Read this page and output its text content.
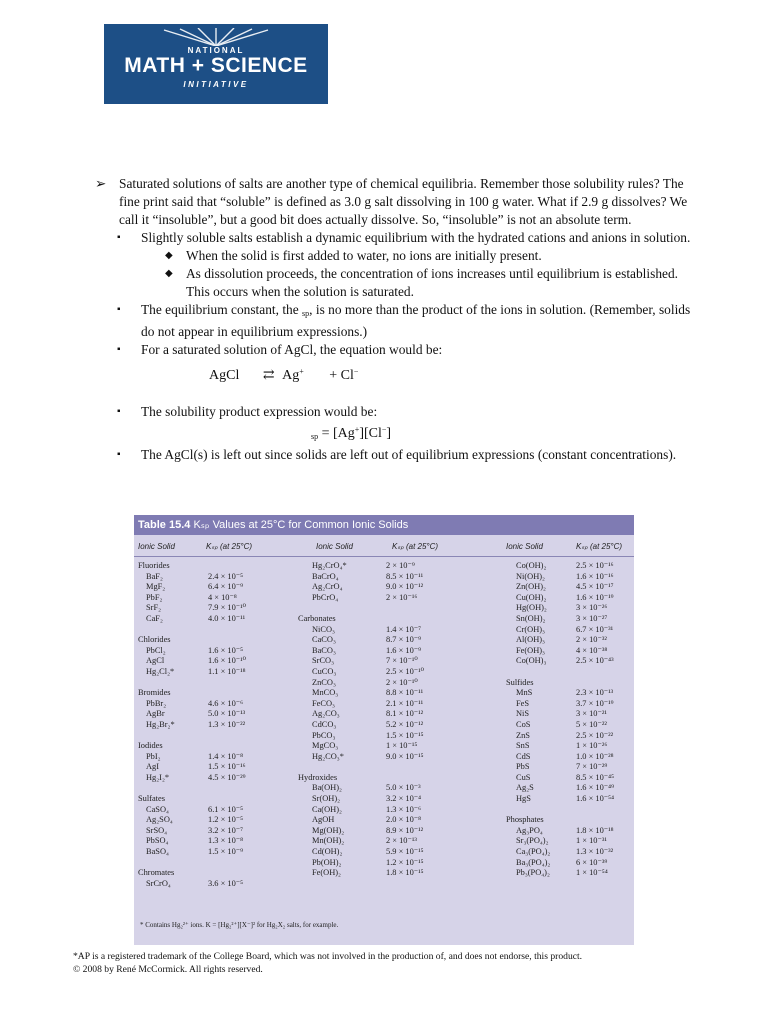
NATIONAL
MATH + SCIENCE
INITIATIVE
➢ Saturated solutions of salts are another type of chemical equilibria. Remember those solubility rules? The fine print said that “soluble” is defined as 3.0 g salt dissolving in 100 g water. What if 2.9 g dissolves? We call it “insoluble”, but a good bit does actually dissolve. So, “insoluble” is not an absolute term.
▪ Slightly soluble salts establish a dynamic equilibrium with the hydrated cations and anions in solution.
◆ When the solid is first added to water, no ions are initially present.
◆ As dissolution proceeds, the concentration of ions increases until equilibrium is established. This occurs when the solution is saturated.
▪ The equilibrium constant, the $_{sp}$, is no more than the product of the ions in solution. (Remember, solids do not appear in equilibrium expressions.)
▪ For a saturated solution of AgCl, the equation would be:
AgCl ⇄ Ag+ + Cl−
▪ The solubility product expression would be:
$_{sp}$ = [Ag+][Cl−]
▪ The AgCl(s) is left out since solids are left out of equilibrium expressions (constant concentrations).
Table 15.4 Kₛₚ Values at 25°C for Common Ionic Solids
Ionic Solid	Kₛₚ (at 25°C)	Ionic Solid	Kₛₚ (at 25°C)	Ionic Solid	Kₛₚ (at 25°C)
Fluorides
BaF₂	2.4 × 10⁻⁵
MgF₂	6.4 × 10⁻⁹
PbF₂	4 × 10⁻⁸
SrF₂	7.9 × 10⁻¹⁰
CaF₂	4.0 × 10⁻¹¹
Chlorides
PbCl₂	1.6 × 10⁻⁵
AgCl	1.6 × 10⁻¹⁰
Hg₂Cl₂*	1.1 × 10⁻¹⁸
Bromides
PbBr₂	4.6 × 10⁻⁶
AgBr	5.0 × 10⁻¹³
Hg₂Br₂*	1.3 × 10⁻²²
Iodides
PbI₂	1.4 × 10⁻⁸
AgI	1.5 × 10⁻¹⁶
Hg₂I₂*	4.5 × 10⁻²⁹
Sulfates
CaSO₄	6.1 × 10⁻⁵
Ag₂SO₄	1.2 × 10⁻⁵
SrSO₄	3.2 × 10⁻⁷
PbSO₄	1.3 × 10⁻⁸
BaSO₄	1.5 × 10⁻⁹
Chromates
SrCrO₄	3.6 × 10⁻⁵
Hg₂CrO₄*	2 × 10⁻⁹
BaCrO₄	8.5 × 10⁻¹¹
Ag₂CrO₄	9.0 × 10⁻¹²
PbCrO₄	2 × 10⁻¹⁶
Carbonates
NiCO₃	1.4 × 10⁻⁷
CaCO₃	8.7 × 10⁻⁹
BaCO₃	1.6 × 10⁻⁹
SrCO₃	7 × 10⁻¹⁰
CuCO₃	2.5 × 10⁻¹⁰
ZnCO₃	2 × 10⁻¹⁰
MnCO₃	8.8 × 10⁻¹¹
FeCO₃	2.1 × 10⁻¹¹
Ag₂CO₃	8.1 × 10⁻¹²
CdCO₃	5.2 × 10⁻¹²
PbCO₃	1.5 × 10⁻¹⁵
MgCO₃	1 × 10⁻¹⁵
Hg₂CO₃*	9.0 × 10⁻¹⁵
Hydroxides
Ba(OH)₂	5.0 × 10⁻³
Sr(OH)₂	3.2 × 10⁻⁴
Ca(OH)₂	1.3 × 10⁻⁶
AgOH	2.0 × 10⁻⁸
Mg(OH)₂	8.9 × 10⁻¹²
Mn(OH)₂	2 × 10⁻¹³
Cd(OH)₂	5.9 × 10⁻¹⁵
Pb(OH)₂	1.2 × 10⁻¹⁵
Fe(OH)₂	1.8 × 10⁻¹⁵
Co(OH)₂	2.5 × 10⁻¹⁶
Ni(OH)₂	1.6 × 10⁻¹⁶
Zn(OH)₂	4.5 × 10⁻¹⁷
Cu(OH)₂	1.6 × 10⁻¹⁹
Hg(OH)₂	3 × 10⁻²⁶
Sn(OH)₂	3 × 10⁻²⁷
Cr(OH)₃	6.7 × 10⁻³¹
Al(OH)₃	2 × 10⁻³²
Fe(OH)₃	4 × 10⁻³⁸
Co(OH)₃	2.5 × 10⁻⁴³
Sulfides
MnS	2.3 × 10⁻¹³
FeS	3.7 × 10⁻¹⁹
NiS	3 × 10⁻²¹
CoS	5 × 10⁻²²
ZnS	2.5 × 10⁻²²
SnS	1 × 10⁻²⁶
CdS	1.0 × 10⁻²⁸
PbS	7 × 10⁻²⁹
CuS	8.5 × 10⁻⁴⁵
Ag₂S	1.6 × 10⁻⁴⁹
HgS	1.6 × 10⁻⁵⁴
Phosphates
Ag₃PO₄	1.8 × 10⁻¹⁸
Sr₃(PO₄)₂	1 × 10⁻³¹
Ca₃(PO₄)₂	1.3 × 10⁻³²
Ba₃(PO₄)₂	6 × 10⁻³⁹
Pb₃(PO₄)₂	1 × 10⁻⁵⁴
* Contains Hg₂²⁺ ions. K = [Hg₂²⁺][X⁻]² for Hg₂X₂ salts, for example.
*AP is a registered trademark of the College Board, which was not involved in the production of, and does not endorse, this product.
© 2008 by René McCormick. All rights reserved.
